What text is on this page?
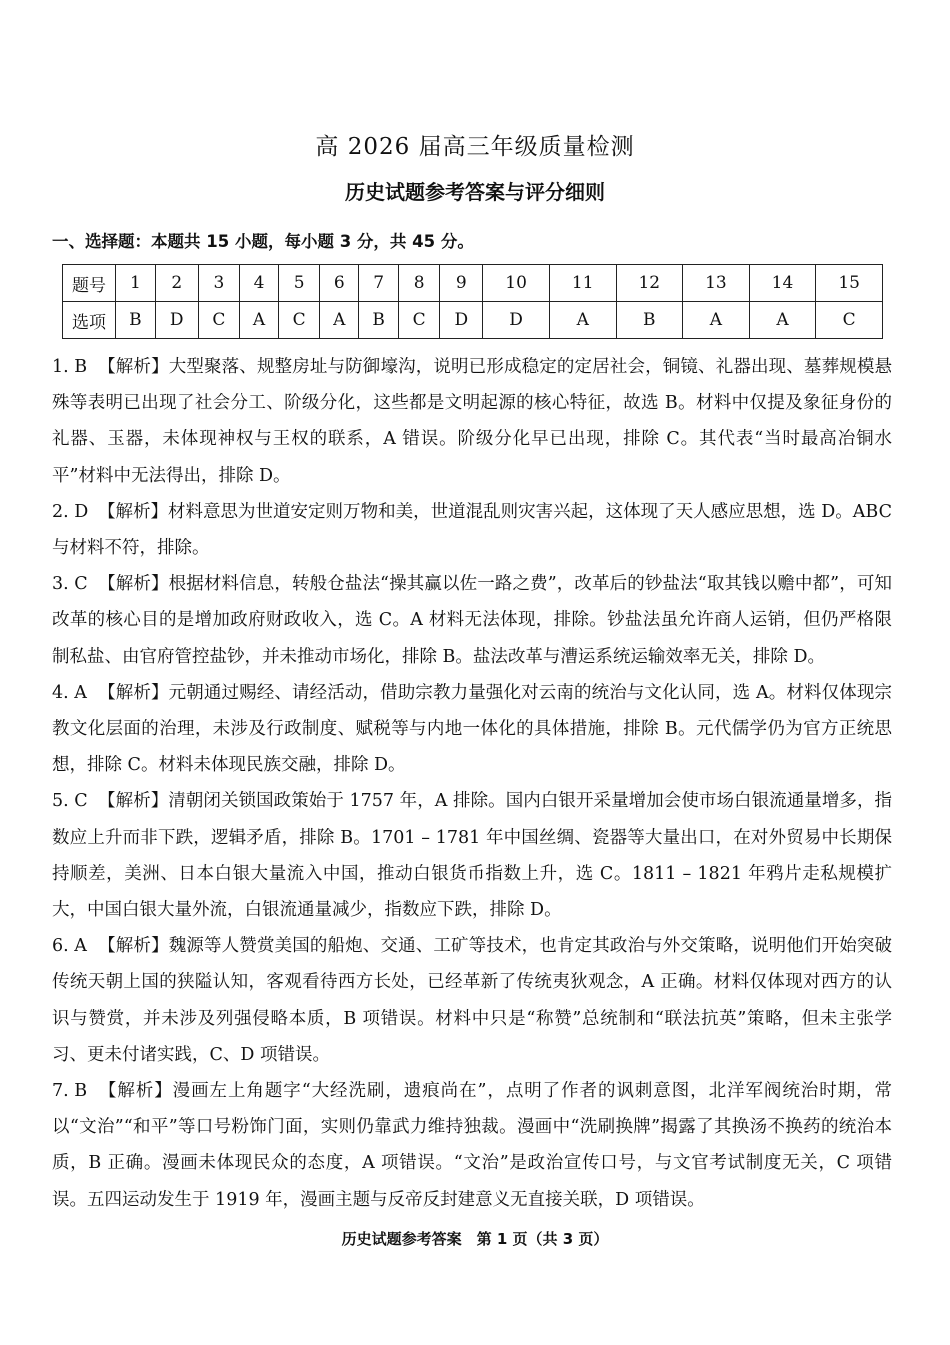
高 2026 届高三年级质量检测
历史试题参考答案与评分细则
一、选择题：本题共 15 小题，每小题 3 分，共 45 分。
题号	1	2	3	4	5	6	7	8	9	10	11	12	13	14	15
选项	B	D	C	A	C	A	B	C	D	D	A	B	A	A	C

1. B 【解析】大型聚落、规整房址与防御壕沟，说明已形成稳定的定居社会，铜镜、礼器出现、墓葬规模悬殊等表明已出现了社会分工、阶级分化，这些都是文明起源的核心特征，故选 B。材料中仅提及象征身份的礼器、玉器，未体现神权与王权的联系，A 错误。阶级分化早已出现，排除 C。其代表“当时最高冶铜水平”材料中无法得出，排除 D。

2. D 【解析】材料意思为世道安定则万物和美，世道混乱则灾害兴起，这体现了天人感应思想，选 D。ABC 与材料不符，排除。

3. C 【解析】根据材料信息，转般仓盐法“操其赢以佐一路之费”，改革后的钞盐法“取其钱以赡中都”，可知改革的核心目的是增加政府财政收入，选 C。A 材料无法体现，排除。钞盐法虽允许商人运销，但仍严格限制私盐、由官府管控盐钞，并未推动市场化，排除 B。盐法改革与漕运系统运输效率无关，排除 D。

4. A 【解析】元朝通过赐经、请经活动，借助宗教力量强化对云南的统治与文化认同，选 A。材料仅体现宗教文化层面的治理，未涉及行政制度、赋税等与内地一体化的具体措施，排除 B。元代儒学仍为官方正统思想，排除 C。材料未体现民族交融，排除 D。

5. C 【解析】清朝闭关锁国政策始于 1757 年，A 排除。国内白银开采量增加会使市场白银流通量增多，指数应上升而非下跌，逻辑矛盾，排除 B。1701 – 1781 年中国丝绸、瓷器等大量出口，在对外贸易中长期保持顺差，美洲、日本白银大量流入中国，推动白银货币指数上升，选 C。1811 – 1821 年鸦片走私规模扩大，中国白银大量外流，白银流通量减少，指数应下跌，排除 D。

6. A 【解析】魏源等人赞赏美国的船炮、交通、工矿等技术，也肯定其政治与外交策略，说明他们开始突破传统天朝上国的狭隘认知，客观看待西方长处，已经革新了传统夷狄观念，A 正确。材料仅体现对西方的认识与赞赏，并未涉及列强侵略本质，B 项错误。材料中只是“称赞”总统制和“联法抗英”策略，但未主张学习、更未付诸实践，C、D 项错误。

7. B 【解析】漫画左上角题字“大经洗刷，遗痕尚在”，点明了作者的讽刺意图，北洋军阀统治时期，常以“文治”“和平”等口号粉饰门面，实则仍靠武力维持独裁。漫画中“洗刷换牌”揭露了其换汤不换药的统治本质，B 正确。漫画未体现民众的态度，A 项错误。“文治”是政治宣传口号，与文官考试制度无关，C 项错误。五四运动发生于 1919 年，漫画主题与反帝反封建意义无直接关联，D 项错误。

历史试题参考答案　第 1 页（共 3 页）
